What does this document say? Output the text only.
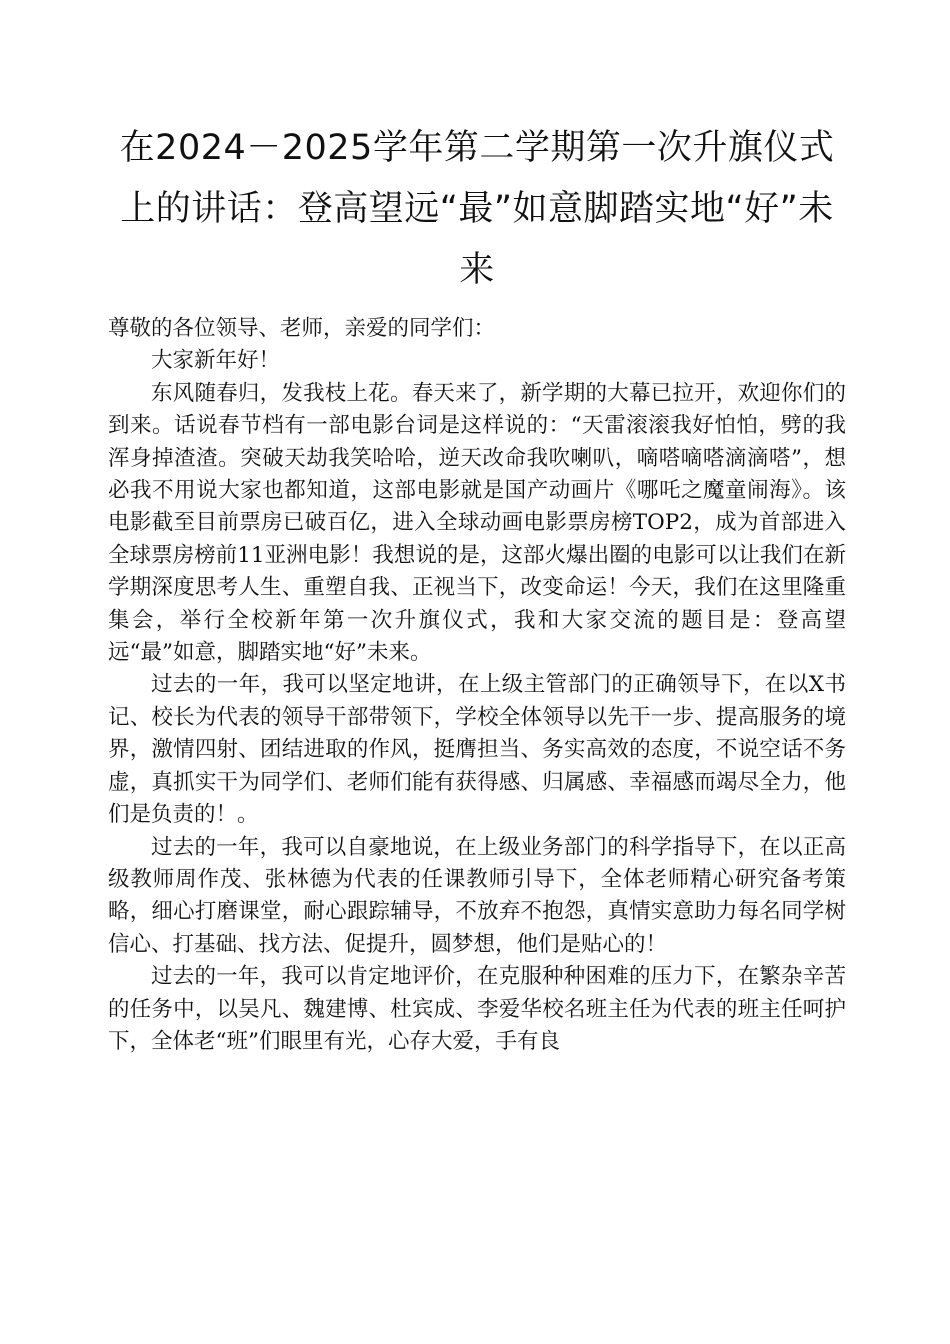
在2024－2025学年第二学期第一次升旗仪式上的讲话：登高望远“最”如意脚踏实地“好”未来

尊敬的各位领导、老师，亲爱的同学们：

大家新年好！

东风随春归，发我枝上花。春天来了，新学期的大幕已拉开，欢迎你们的到来。话说春节档有一部电影台词是这样说的：“天雷滚滚我好怕怕，劈的我浑身掉渣渣。突破天劫我笑哈哈，逆天改命我吹喇叭，嘀嗒嘀嗒滴滴嗒”，想必我不用说大家也都知道，这部电影就是国产动画片《哪吒之魔童闹海》。该电影截至目前票房已破百亿，进入全球动画电影票房榜TOP2，成为首部进入全球票房榜前11亚洲电影！我想说的是，这部火爆出圈的电影可以让我们在新学期深度思考人生、重塑自我、正视当下，改变命运！今天，我们在这里隆重集会，举行全校新年第一次升旗仪式，我和大家交流的题目是：登高望远“最”如意，脚踏实地“好”未来。

过去的一年，我可以坚定地讲，在上级主管部门的正确领导下，在以X书记、校长为代表的领导干部带领下，学校全体领导以先干一步、提高服务的境界，激情四射、团结进取的作风，挺膺担当、务实高效的态度，不说空话不务虚，真抓实干为同学们、老师们能有获得感、归属感、幸福感而竭尽全力，他们是负责的！。

过去的一年，我可以自豪地说，在上级业务部门的科学指导下，在以正高级教师周作茂、张林德为代表的任课教师引导下，全体老师精心研究备考策略，细心打磨课堂，耐心跟踪辅导，不放弃不抱怨，真情实意助力每名同学树信心、打基础、找方法、促提升，圆梦想，他们是贴心的！

过去的一年，我可以肯定地评价，在克服种种困难的压力下，在繁杂辛苦的任务中，以吴凡、魏建博、杜宾成、李爱华校名班主任为代表的班主任呵护下，全体老“班”们眼里有光，心存大爱，手有良
